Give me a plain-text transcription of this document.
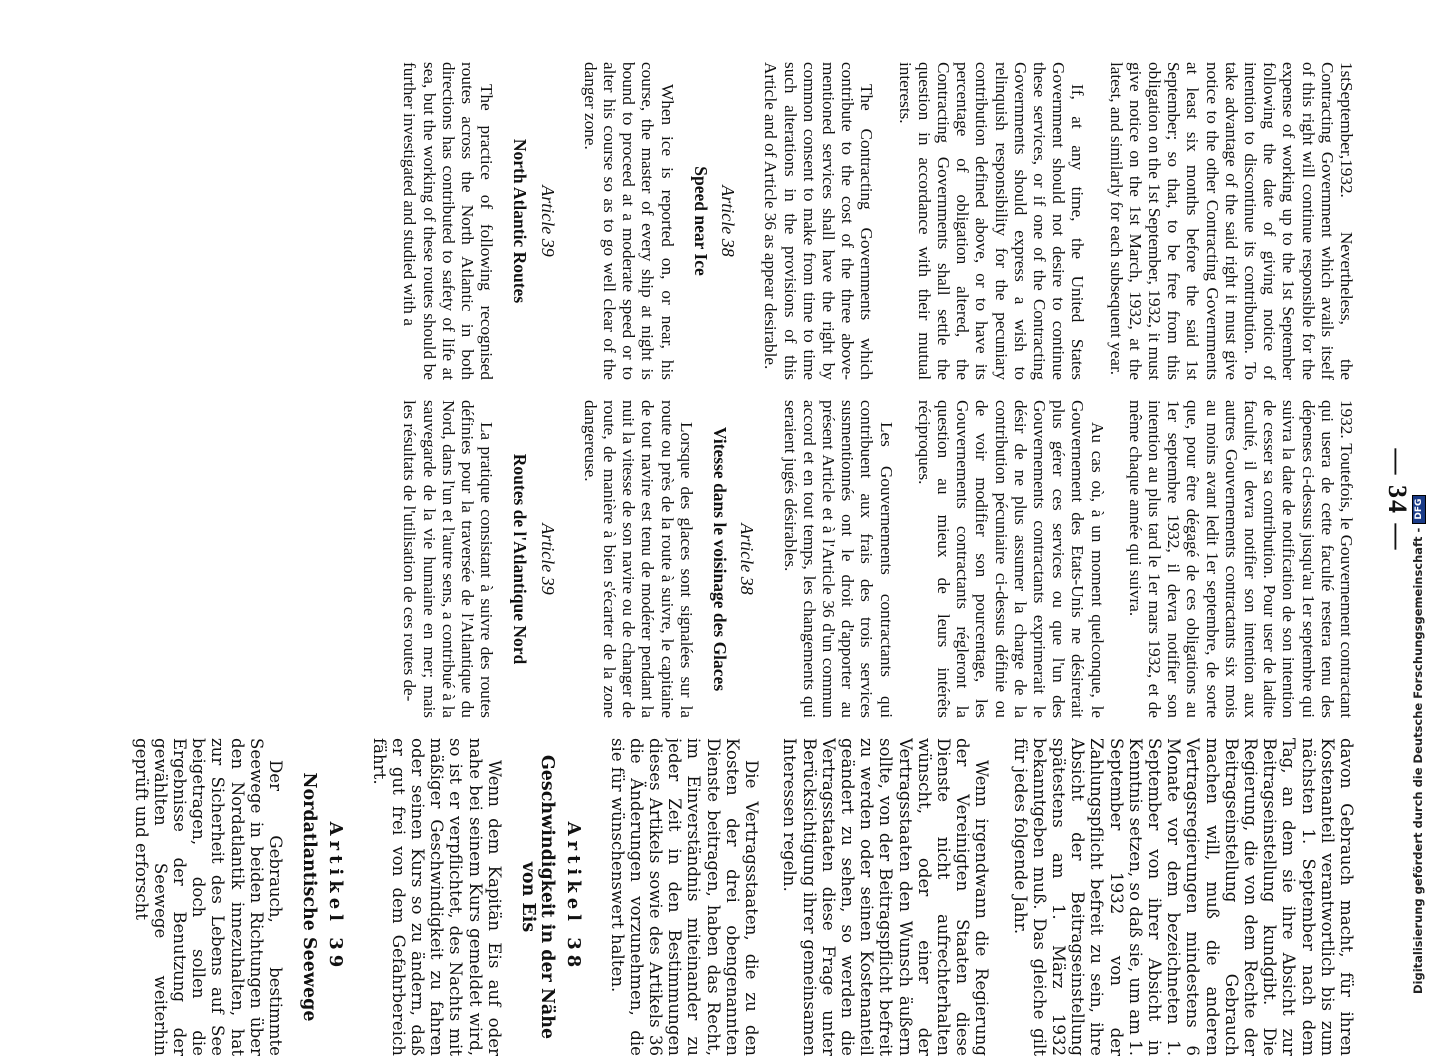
— 34 —

1stSeptember,1932. Nevertheless, the Contracting Government which avails itself of this right will continue responsible for the expense of working up to the 1st September following the date of giving notice of intention to discontinue its contribution. To take advantage of the said right it must give notice to the other Contracting Governments at least six months before the said 1st September; so that, to be free from this obligation on the 1st September, 1932, it must give notice on the 1st March, 1932, at the latest, and similarly for each subsequent year.

If, at any time, the United States Government should not desire to continue these services, or if one of the Contracting Governments should express a wish to relinquish responsibility for the pecuniary contribution defined above, or to have its percentage of obligation altered, the Contracting Governments shall settle the question in accordance with their mutual interests.

The Contracting Governments which contribute to the cost of the three above-mentioned services shall have the right by common consent to make from time to time such alterations in the provisions of this Article and of Article 36 as appear desirable.

Article 38
Speed near Ice

When ice is reported on, or near, his course, the master of every ship at night is bound to proceed at a moderate speed or to alter his course so as to go well clear of the danger zone.

Article 39
North Atlantic Routes

The practice of following recognised routes across the North Atlantic in both directions has contributed to safety of life at sea, but the working of these routes should be further investigated and studied with a

1932. Toutefois, le Gouvernement contractant qui usera de cette faculté restera tenu des dépenses ci-dessus jusqu'au 1er septembre qui suivra la date de notification de son intention de cesser sa contribution. Pour user de ladite faculté, il devra notifier son intention aux autres Gouvernements contractants six mois au moins avant ledit 1er septembre, de sorte que, pour être dégagé de ces obligations au 1er septembre 1932, il devra notifier son intention au plus tard le 1er mars 1932, et de même chaque année qui suivra.

Au cas où, à un moment quelconque, le Gouvernement des Etats-Unis ne désirerait plus gérer ces services ou que l'un des Gouvernements contractants exprimerait le désir de ne plus assumer la charge de la contribution pécuniaire ci-dessus définie ou de voir modifier son pourcentage, les Gouvernements contractants régleront la question au mieux de leurs intérêts réciproques.

Les Gouvernements contractants qui contribuent aux frais des trois services susmentionnés ont le droit d'apporter au présent Article et à l'Article 36 d'un commun accord et en tout temps, les changements qui seraient jugés désirables.

Article 38
Vitesse dans le voisinage des Glaces

Lorsque des glaces sont signalées sur la route ou près de la route à suivre, le capitaine de tout navire est tenu de modérer pendant la nuit la vitesse de son navire ou de changer de route, de manière à bien s'écarter de la zone dangereuse.

Article 39
Routes de l'Atlantique Nord

La pratique consistant à suivre des routes définies pour la traversée de l'Atlantique du Nord, dans l'un et l'autre sens, a contribué à la sauvegarde de la vie humaine en mer; mais les résultats de l'utilisation de ces routes de-

davon Gebrauch macht, für ihren Kostenanteil verantwortlich bis zum nächsten 1. September nach dem Tag, an dem sie ihre Absicht zur Beitragseinstellung kundgibt. Die Regierung, die von dem Rechte der Beitragseinstellung Gebrauch machen will, muß die anderen Vertragsregierungen mindestens 6 Monate vor dem bezeichneten 1. September von ihrer Absicht in Kenntnis setzen, so daß sie, um am 1. September 1932 von der Zahlungspflicht befreit zu sein, ihre Absicht der Beitragseinstellung spätestens am 1. März 1932 bekanntgeben muß. Das gleiche gilt für jedes folgende Jahr.

Wenn irgendwann die Regierung der Vereinigten Staaten diese Dienste nicht aufrechterhalten wünscht, oder einer der Vertragsstaaten den Wunsch äußern sollte, von der Beitragspflicht befreit zu werden oder seinen Kostenanteil geändert zu sehen, so werden die Vertragsstaaten diese Frage unter Berücksichtigung ihrer gemeinsamen Interessen regeln.

Die Vertragsstaaten, die zu den Kosten der drei obengenannten Dienste beitragen, haben das Recht, im Einverständnis miteinander zu jeder Zeit in den Bestimmungen dieses Artikels sowie des Artikels 36 die Änderungen vorzunehmen, die sie für wünschenswert halten.

Artikel 38
Geschwindigkeit in der Nähe von Eis

Wenn dem Kapitän Eis auf oder nahe bei seinem Kurs gemeldet wird, so ist er verpflichtet, des Nachts mit mäßiger Geschwindigkeit zu fahren oder seinen Kurs so zu ändern, daß er gut frei von dem Gefahrbereich fährt.

Artikel 39
Nordatlantische Seewege

Der Gebrauch, bestimmte Seewege in beiden Richtungen über den Nordatlantik innezuhalten, hat zur Sicherheit des Lebens auf See beigetragen, doch sollen die Ergebnisse der Benutzung der gewählten Seewege weiterhin geprüft und erforscht	Digitalisierung gefördert durch die Deutsche Forschungsgemeinschaft -DFG
